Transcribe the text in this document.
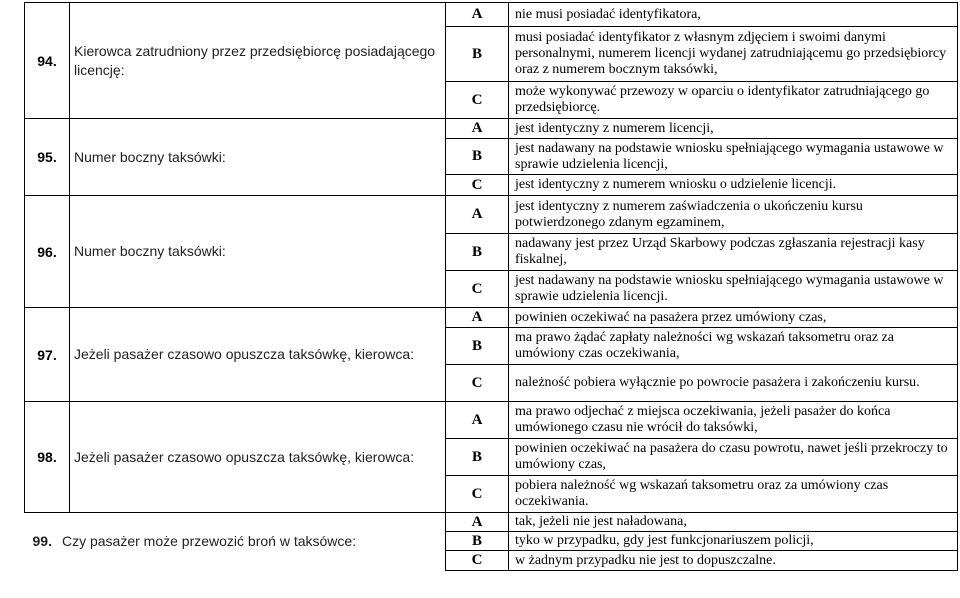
94.	Kierowca zatrudniony przez przedsiębiorcę posiadającego licencję:	A	nie musi posiadać identyfikatora,
		B	musi posiadać identyfikator z własnym zdjęciem i swoimi danymi personalnymi, numerem licencji wydanej zatrudniającemu go przedsiębiorcy oraz z numerem bocznym taksówki,
		C	może wykonywać przewozy w oparciu o identyfikator zatrudniającego go przedsiębiorcę.
95.	Numer boczny taksówki:	A	jest identyczny z numerem licencji,
		B	jest nadawany na podstawie wniosku spełniającego wymagania ustawowe w sprawie udzielenia licencji,
		C	jest identyczny z numerem wniosku o udzielenie licencji.
96.	Numer boczny taksówki:	A	jest identyczny z numerem zaświadczenia o ukończeniu kursu potwierdzonego zdanym egzaminem,
		B	nadawany jest przez Urząd Skarbowy podczas zgłaszania rejestracji kasy fiskalnej,
		C	jest nadawany na podstawie wniosku spełniającego wymagania ustawowe w sprawie udzielenia licencji.
97.	Jeżeli pasażer czasowo opuszcza taksówkę, kierowca:	A	powinien oczekiwać na pasażera przez umówiony czas,
		B	ma prawo żądać zapłaty należności wg wskazań taksometru oraz za umówiony czas oczekiwania,
		C	należność pobiera wyłącznie po powrocie pasażera i zakończeniu kursu.
98.	Jeżeli pasażer czasowo opuszcza taksówkę, kierowca:	A	ma prawo odjechać z miejsca oczekiwania, jeżeli pasażer do końca umówionego czasu nie wrócił do taksówki,
		B	powinien oczekiwać na pasażera do czasu powrotu, nawet jeśli przekroczy to umówiony czas,
		C	pobiera należność wg wskazań taksometru oraz za umówiony czas oczekiwania.
99. Czy pasażer może przewozić broń w taksówce:		A	tak, jeżeli nie jest naładowana,
		B	tyko w przypadku, gdy jest funkcjonariuszem policji,
		C	w żadnym przypadku nie jest to dopuszczalne.
